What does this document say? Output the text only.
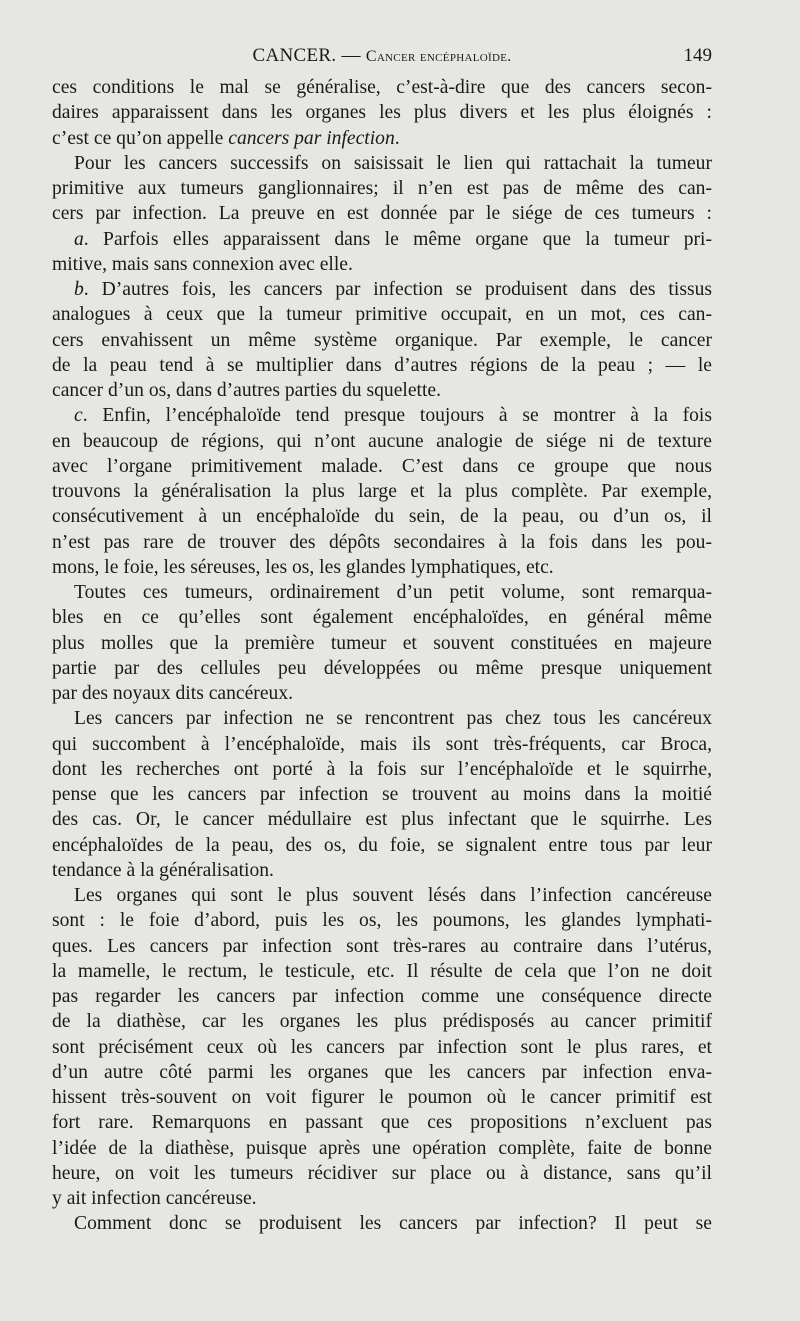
CANCER. — Cancer encéphaloïde.	149

ces conditions le mal se généralise, c’est-à-dire que des cancers secon-

daires apparaissent dans les organes les plus divers et les plus éloignés :

c’est ce qu’on appelle cancers par infection.

Pour les cancers successifs on saisissait le lien qui rattachait la tumeur

primitive aux tumeurs ganglionnaires; il n’en est pas de même des can-

cers par infection. La preuve en est donnée par le siége de ces tumeurs :

a. Parfois elles apparaissent dans le même organe que la tumeur pri-

mitive, mais sans connexion avec elle.

b. D’autres fois, les cancers par infection se produisent dans des tissus

analogues à ceux que la tumeur primitive occupait, en un mot, ces can-

cers envahissent un même système organique. Par exemple, le cancer

de la peau tend à se multiplier dans d’autres régions de la peau ; — le

cancer d’un os, dans d’autres parties du squelette.

c. Enfin, l’encéphaloïde tend presque toujours à se montrer à la fois

en beaucoup de régions, qui n’ont aucune analogie de siége ni de texture

avec l’organe primitivement malade. C’est dans ce groupe que nous

trouvons la généralisation la plus large et la plus complète. Par exemple,

consécutivement à un encéphaloïde du sein, de la peau, ou d’un os, il

n’est pas rare de trouver des dépôts secondaires à la fois dans les pou-

mons, le foie, les séreuses, les os, les glandes lymphatiques, etc.

Toutes ces tumeurs, ordinairement d’un petit volume, sont remarqua-

bles en ce qu’elles sont également encéphaloïdes, en général même

plus molles que la première tumeur et souvent constituées en majeure

partie par des cellules peu développées ou même presque uniquement

par des noyaux dits cancéreux.

Les cancers par infection ne se rencontrent pas chez tous les cancéreux

qui succombent à l’encéphaloïde, mais ils sont très-fréquents, car Broca,

dont les recherches ont porté à la fois sur l’encéphaloïde et le squirrhe,

pense que les cancers par infection se trouvent au moins dans la moitié

des cas. Or, le cancer médullaire est plus infectant que le squirrhe. Les

encéphaloïdes de la peau, des os, du foie, se signalent entre tous par leur

tendance à la généralisation.

Les organes qui sont le plus souvent lésés dans l’infection cancéreuse

sont : le foie d’abord, puis les os, les poumons, les glandes lymphati-

ques. Les cancers par infection sont très-rares au contraire dans l’utérus,

la mamelle, le rectum, le testicule, etc. Il résulte de cela que l’on ne doit

pas regarder les cancers par infection comme une conséquence directe

de la diathèse, car les organes les plus prédisposés au cancer primitif

sont précisément ceux où les cancers par infection sont le plus rares, et

d’un autre côté parmi les organes que les cancers par infection enva-

hissent très-souvent on voit figurer le poumon où le cancer primitif est

fort rare. Remarquons en passant que ces propositions n’excluent pas

l’idée de la diathèse, puisque après une opération complète, faite de bonne

heure, on voit les tumeurs récidiver sur place ou à distance, sans qu’il

y ait infection cancéreuse.

Comment donc se produisent les cancers par infection? Il peut se
